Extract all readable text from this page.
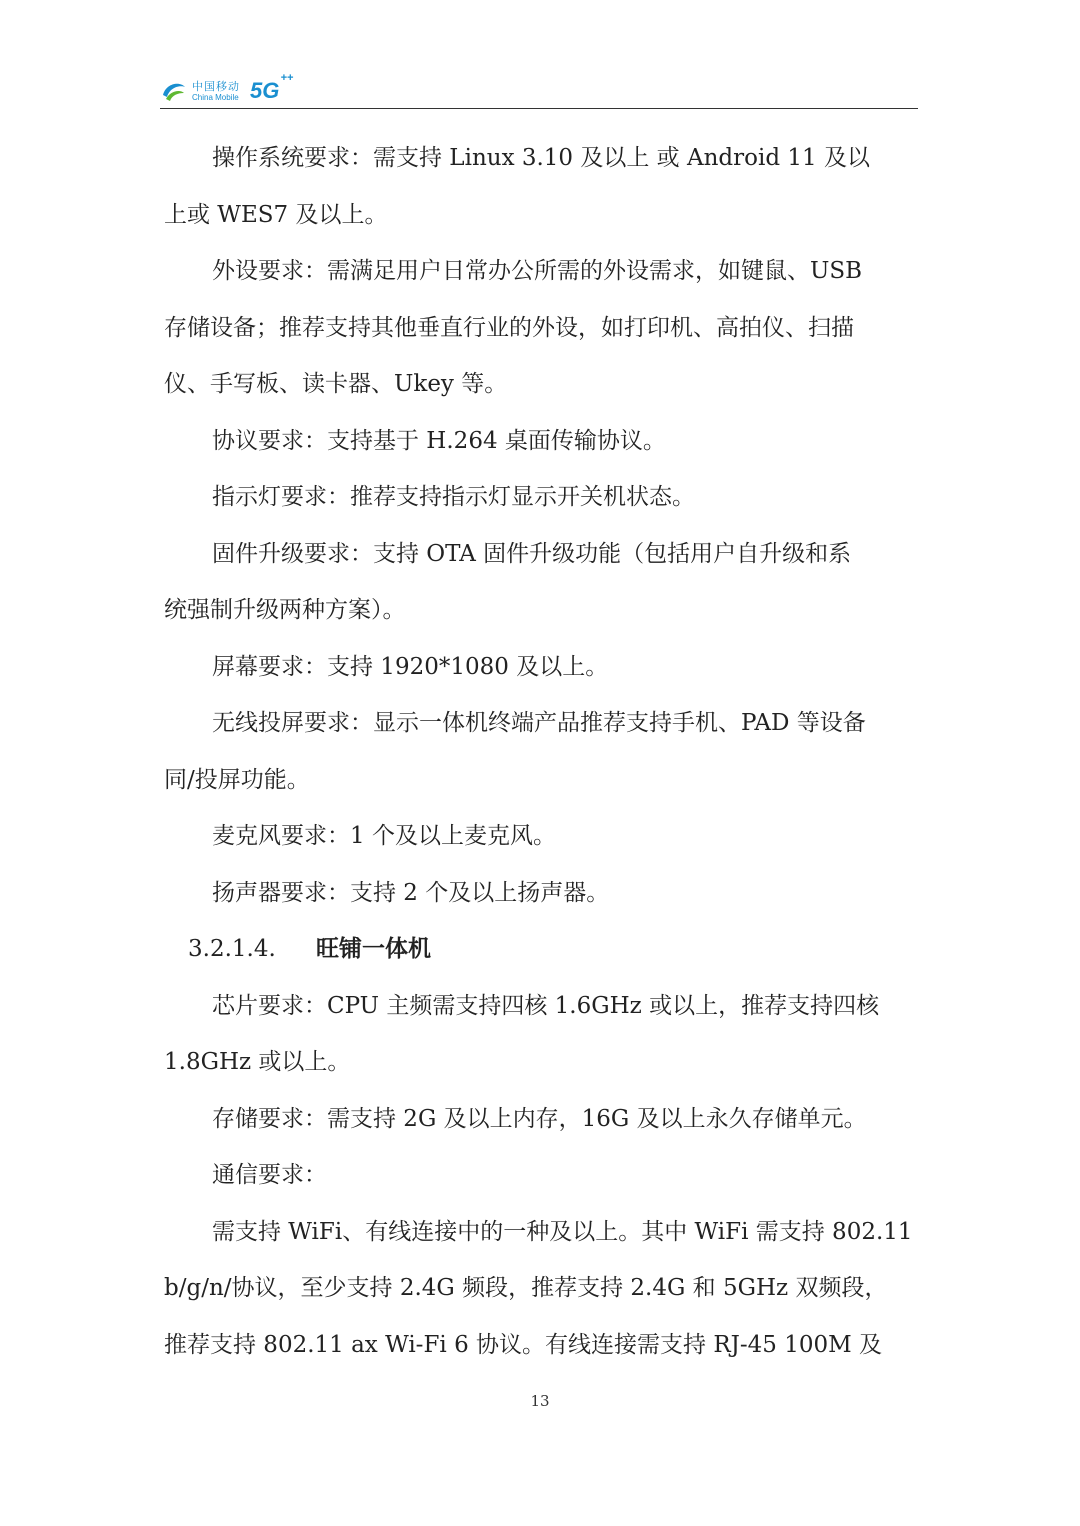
中国移动
China Mobile 5G ++

操作系统要求：需支持 Linux 3.10 及以上 或 Android 11 及以

上或 WES7 及以上。

外设要求：需满足用户日常办公所需的外设需求，如键鼠、USB

存储设备；推荐支持其他垂直行业的外设，如打印机、高拍仪、扫描

仪、手写板、读卡器、Ukey 等。

协议要求：支持基于 H.264 桌面传输协议。

指示灯要求：推荐支持指示灯显示开关机状态。

固件升级要求：支持 OTA 固件升级功能（包括用户自升级和系

统强制升级两种方案）。

屏幕要求：支持 1920*1080 及以上。

无线投屏要求：显示一体机终端产品推荐支持手机、PAD 等设备

同/投屏功能。

麦克风要求：1 个及以上麦克风。

扬声器要求：支持 2 个及以上扬声器。

3.2.1.4. 旺铺一体机

芯片要求：CPU 主频需支持四核 1.6GHz 或以上，推荐支持四核

1.8GHz 或以上。

存储要求：需支持 2G 及以上内存，16G 及以上永久存储单元。

通信要求：

需支持 WiFi、有线连接中的一种及以上。其中 WiFi 需支持 802.11

b/g/n/协议，至少支持 2.4G 频段，推荐支持 2.4G 和 5GHz 双频段，

推荐支持 802.11 ax Wi-Fi 6 协议。有线连接需支持 RJ-45 100M 及

13
